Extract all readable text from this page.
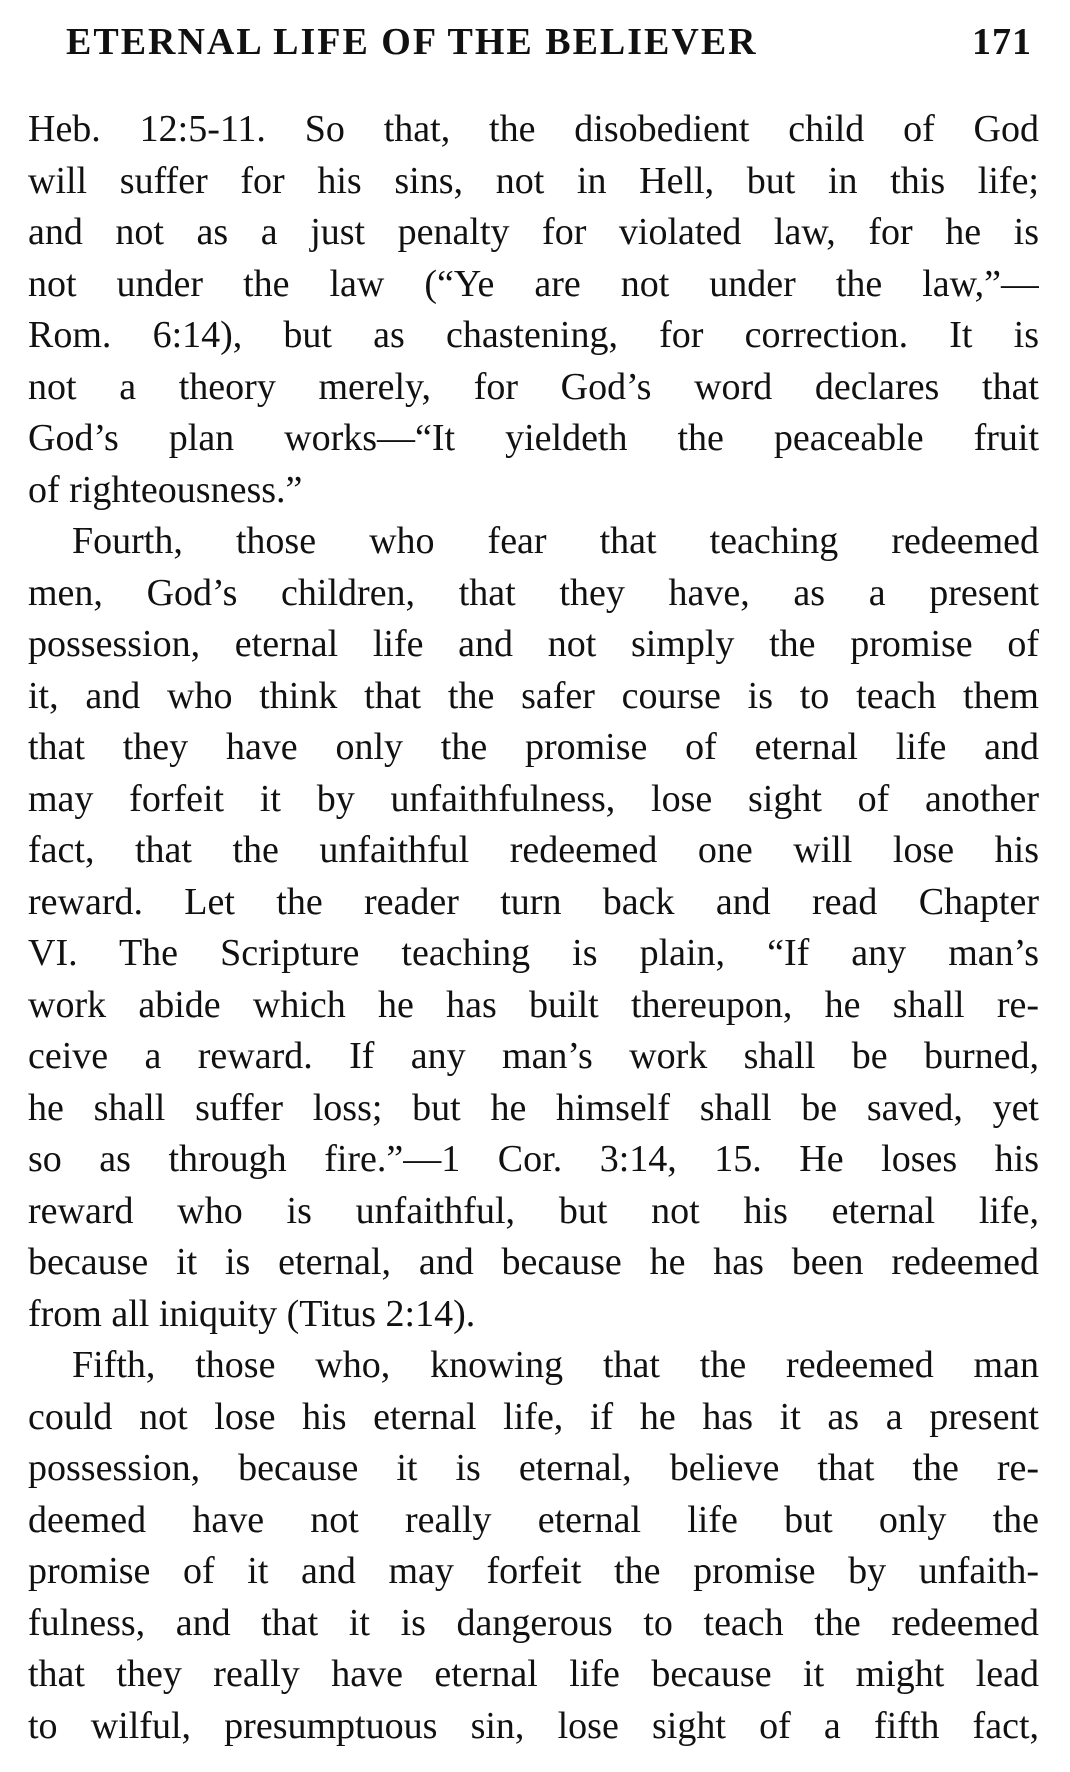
ETERNAL LIFE OF THE BELIEVER	171
Heb. 12:5-11. So that, the disobedient child of God
will suffer for his sins, not in Hell, but in this life;
and not as a just penalty for violated law, for he is
not under the law (“Ye are not under the law,”—
Rom. 6:14), but as chastening, for correction. It is
not a theory merely, for God’s word declares that
God’s plan works—“It yieldeth the peaceable fruit
of righteousness.”
Fourth, those who fear that teaching redeemed
men, God’s children, that they have, as a present
possession, eternal life and not simply the promise of
it, and who think that the safer course is to teach them
that they have only the promise of eternal life and
may forfeit it by unfaithfulness, lose sight of another
fact, that the unfaithful redeemed one will lose his
reward. Let the reader turn back and read Chapter
VI. The Scripture teaching is plain, “If any man’s
work abide which he has built thereupon, he shall re-
ceive a reward. If any man’s work shall be burned,
he shall suffer loss; but he himself shall be saved, yet
so as through fire.”—1 Cor. 3:14, 15. He loses his
reward who is unfaithful, but not his eternal life,
because it is eternal, and because he has been redeemed
from all iniquity (Titus 2:14).
Fifth, those who, knowing that the redeemed man
could not lose his eternal life, if he has it as a present
possession, because it is eternal, believe that the re-
deemed have not really eternal life but only the
promise of it and may forfeit the promise by unfaith-
fulness, and that it is dangerous to teach the redeemed
that they really have eternal life because it might lead
to wilful, presumptuous sin, lose sight of a fifth fact,
